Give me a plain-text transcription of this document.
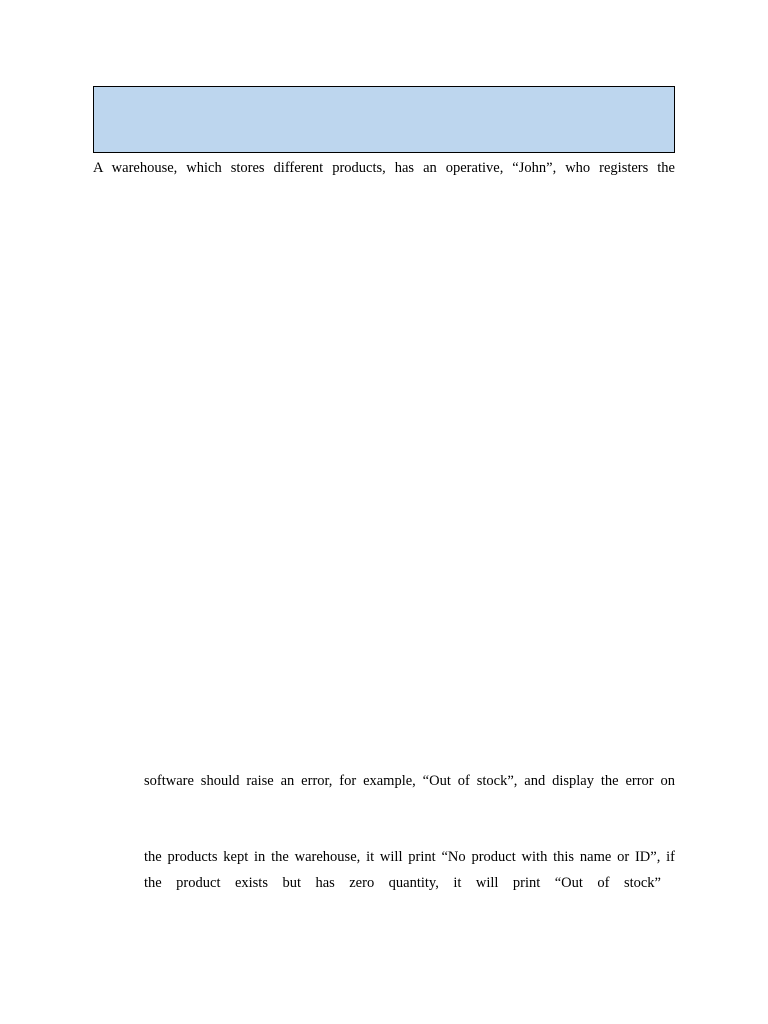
A warehouse, which stores different products, has an operative, “John”, who registers the
software should raise an error, for example, “Out of stock”, and display the error on
the products kept in the warehouse, it will print “No product with this name or ID”, if
the product exists but has zero quantity, it will print “Out of stock”
